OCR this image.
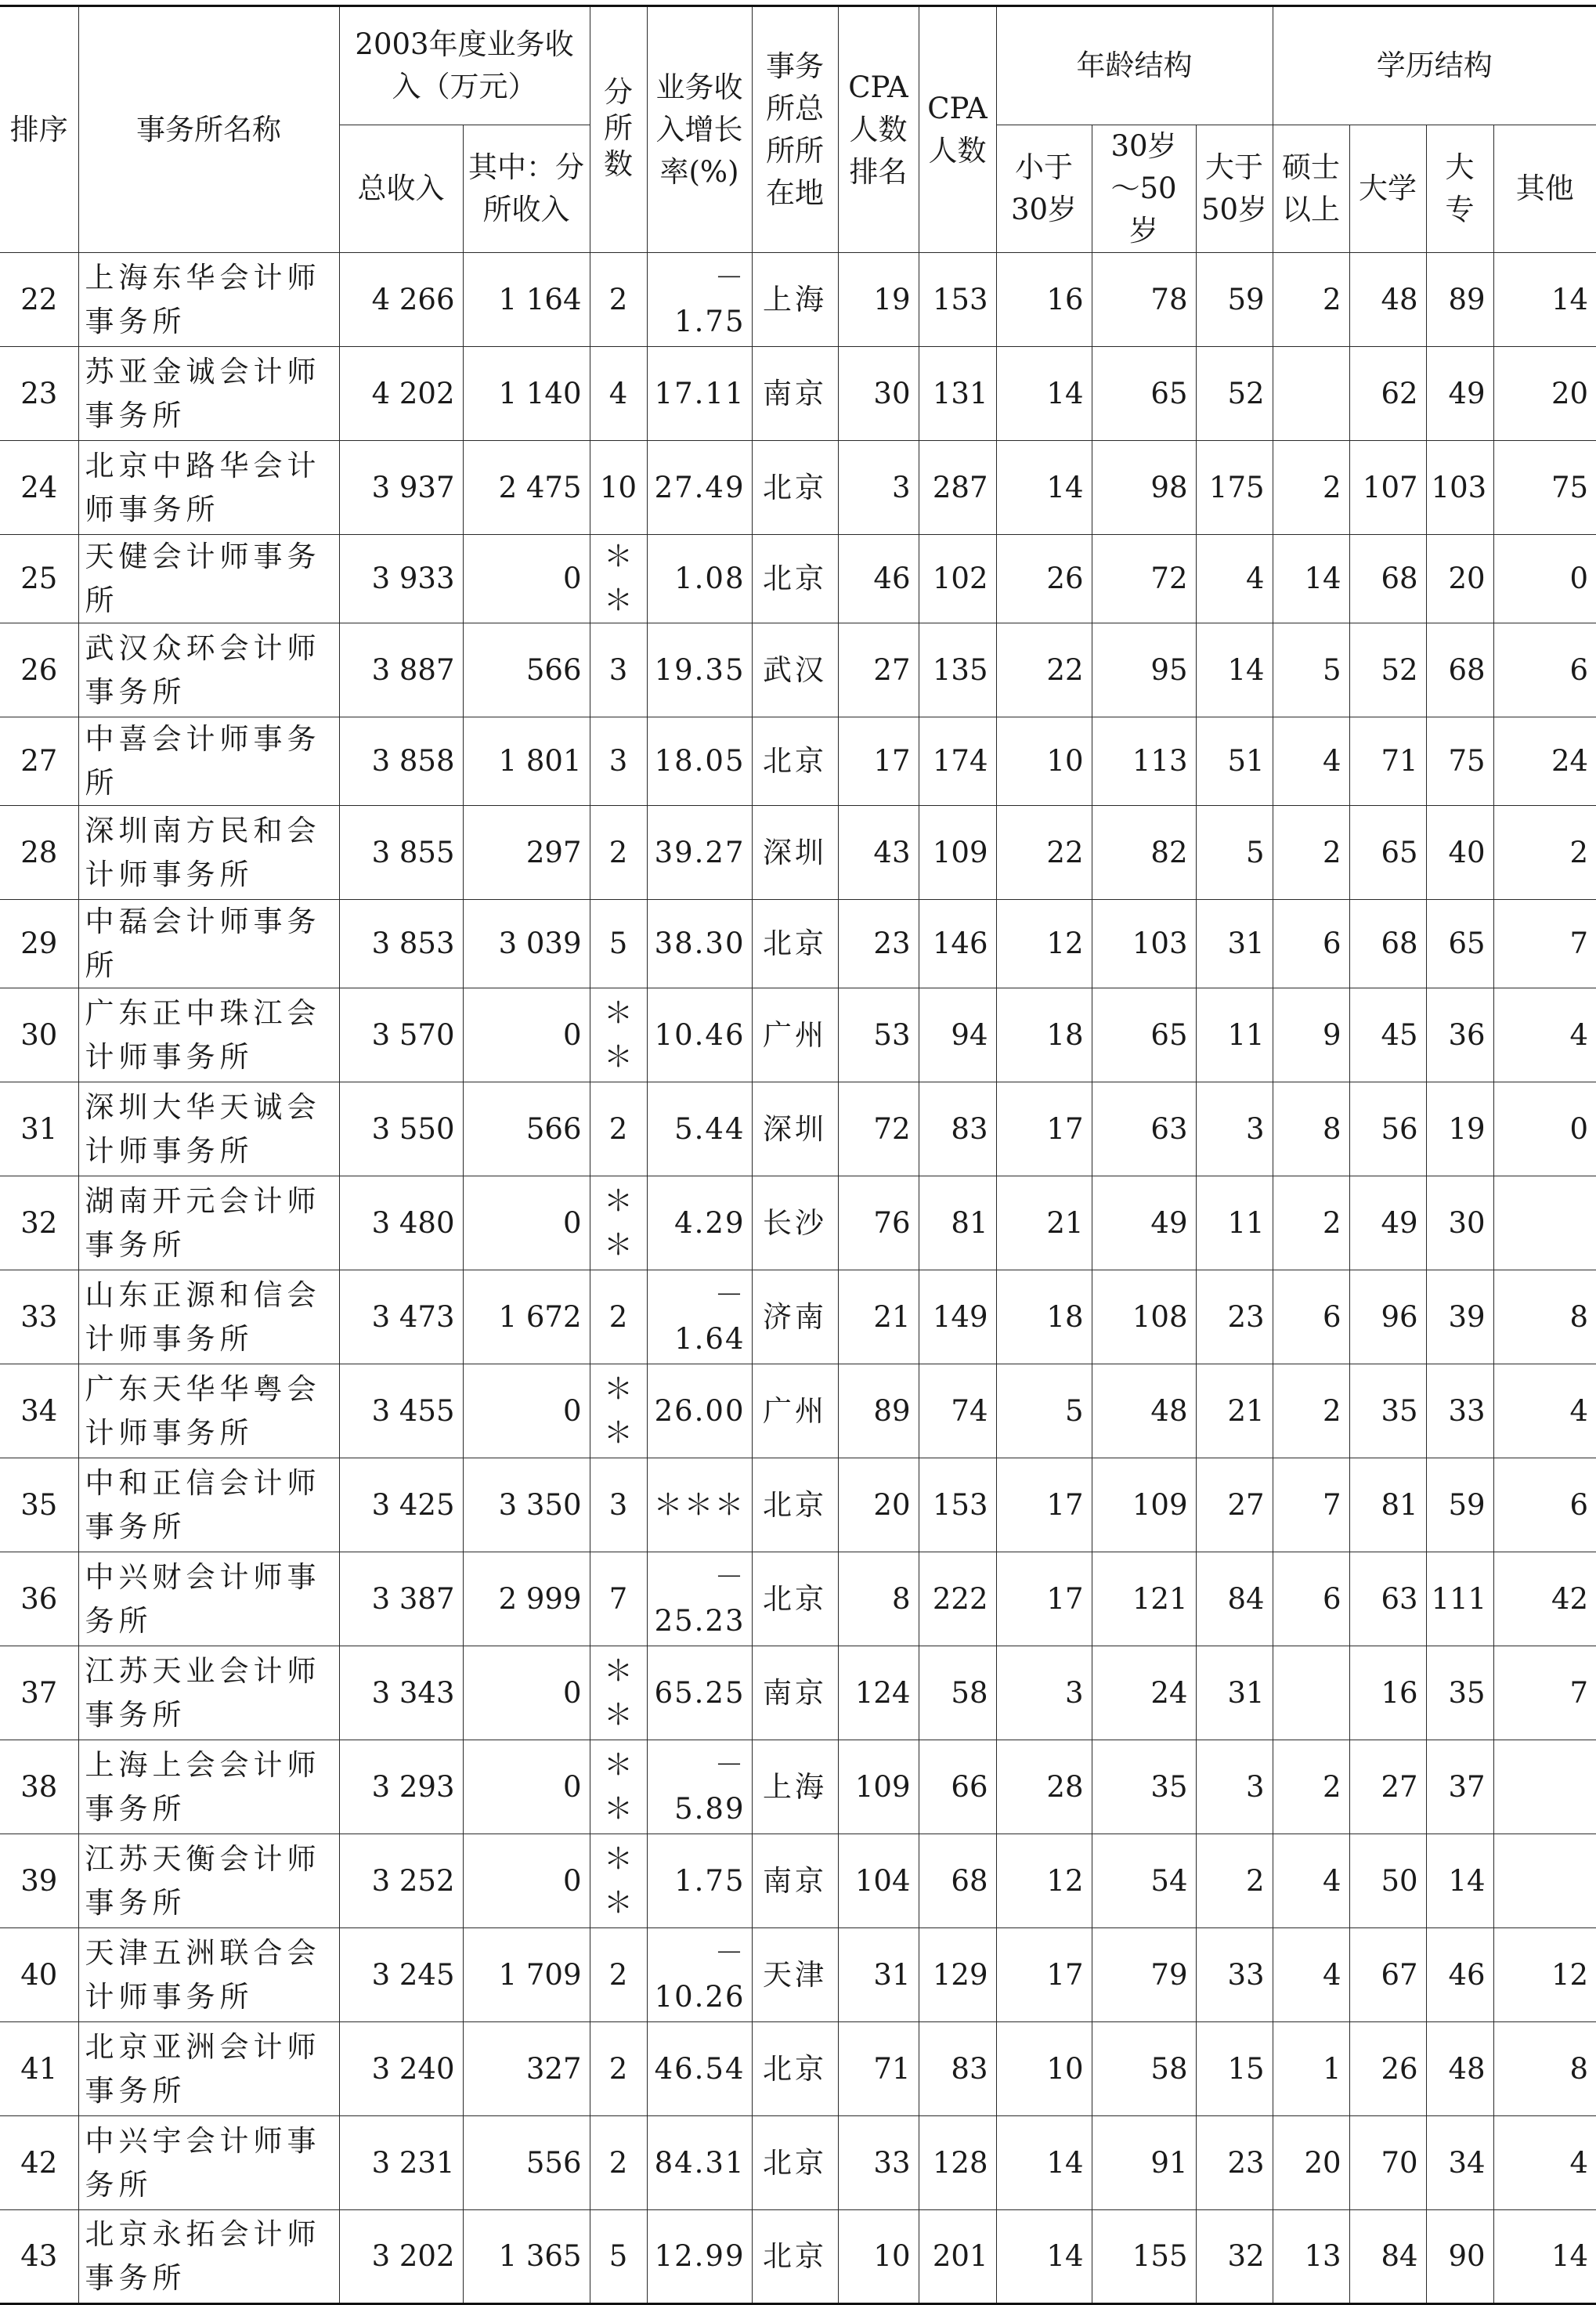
排序	事务所名称	2003年度业务收入（万元）		分所数	业务收入增长率(%)	事务所总所所在地	CPA人数排名	CPA人数	年龄结构			学历结构			
		总收入	其中：分所收入						小于30岁	30岁～50岁	大于50岁	硕士以上	大学	大专	其他
22	上海东华会计师事务所	4 266	1 164	2	－1.75	上海	19	153	16	78	59	2	48	89	14
23	苏亚金诚会计师事务所	4 202	1 140	4	17.11	南京	30	131	14	65	52		62	49	20
24	北京中路华会计师事务所	3 937	2 475	10	27.49	北京	3	287	14	98	175	2	107	103	75
25	天健会计师事务所	3 933	0	＊＊	1.08	北京	46	102	26	72	4	14	68	20	0
26	武汉众环会计师事务所	3 887	566	3	19.35	武汉	27	135	22	95	14	5	52	68	6
27	中喜会计师事务所	3 858	1 801	3	18.05	北京	17	174	10	113	51	4	71	75	24
28	深圳南方民和会计师事务所	3 855	297	2	39.27	深圳	43	109	22	82	5	2	65	40	2
29	中磊会计师事务所	3 853	3 039	5	38.30	北京	23	146	12	103	31	6	68	65	7
30	广东正中珠江会计师事务所	3 570	0	＊＊	10.46	广州	53	94	18	65	11	9	45	36	4
31	深圳大华天诚会计师事务所	3 550	566	2	5.44	深圳	72	83	17	63	3	8	56	19	0
32	湖南开元会计师事务所	3 480	0	＊＊	4.29	长沙	76	81	21	49	11	2	49	30	
33	山东正源和信会计师事务所	3 473	1 672	2	－1.64	济南	21	149	18	108	23	6	96	39	8
34	广东天华华粤会计师事务所	3 455	0	＊＊	26.00	广州	89	74	5	48	21	2	35	33	4
35	中和正信会计师事务所	3 425	3 350	3	＊＊＊	北京	20	153	17	109	27	7	81	59	6
36	中兴财会计师事务所	3 387	2 999	7	－25.23	北京	8	222	17	121	84	6	63	111	42
37	江苏天业会计师事务所	3 343	0	＊＊	65.25	南京	124	58	3	24	31		16	35	7
38	上海上会会计师事务所	3 293	0	＊＊	－5.89	上海	109	66	28	35	3	2	27	37	
39	江苏天衡会计师事务所	3 252	0	＊＊	1.75	南京	104	68	12	54	2	4	50	14	
40	天津五洲联合会计师事务所	3 245	1 709	2	－10.26	天津	31	129	17	79	33	4	67	46	12
41	北京亚洲会计师事务所	3 240	327	2	46.54	北京	71	83	10	58	15	1	26	48	8
42	中兴宇会计师事务所	3 231	556	2	84.31	北京	33	128	14	91	23	20	70	34	4
43	北京永拓会计师事务所	3 202	1 365	5	12.99	北京	10	201	14	155	32	13	84	90	14
